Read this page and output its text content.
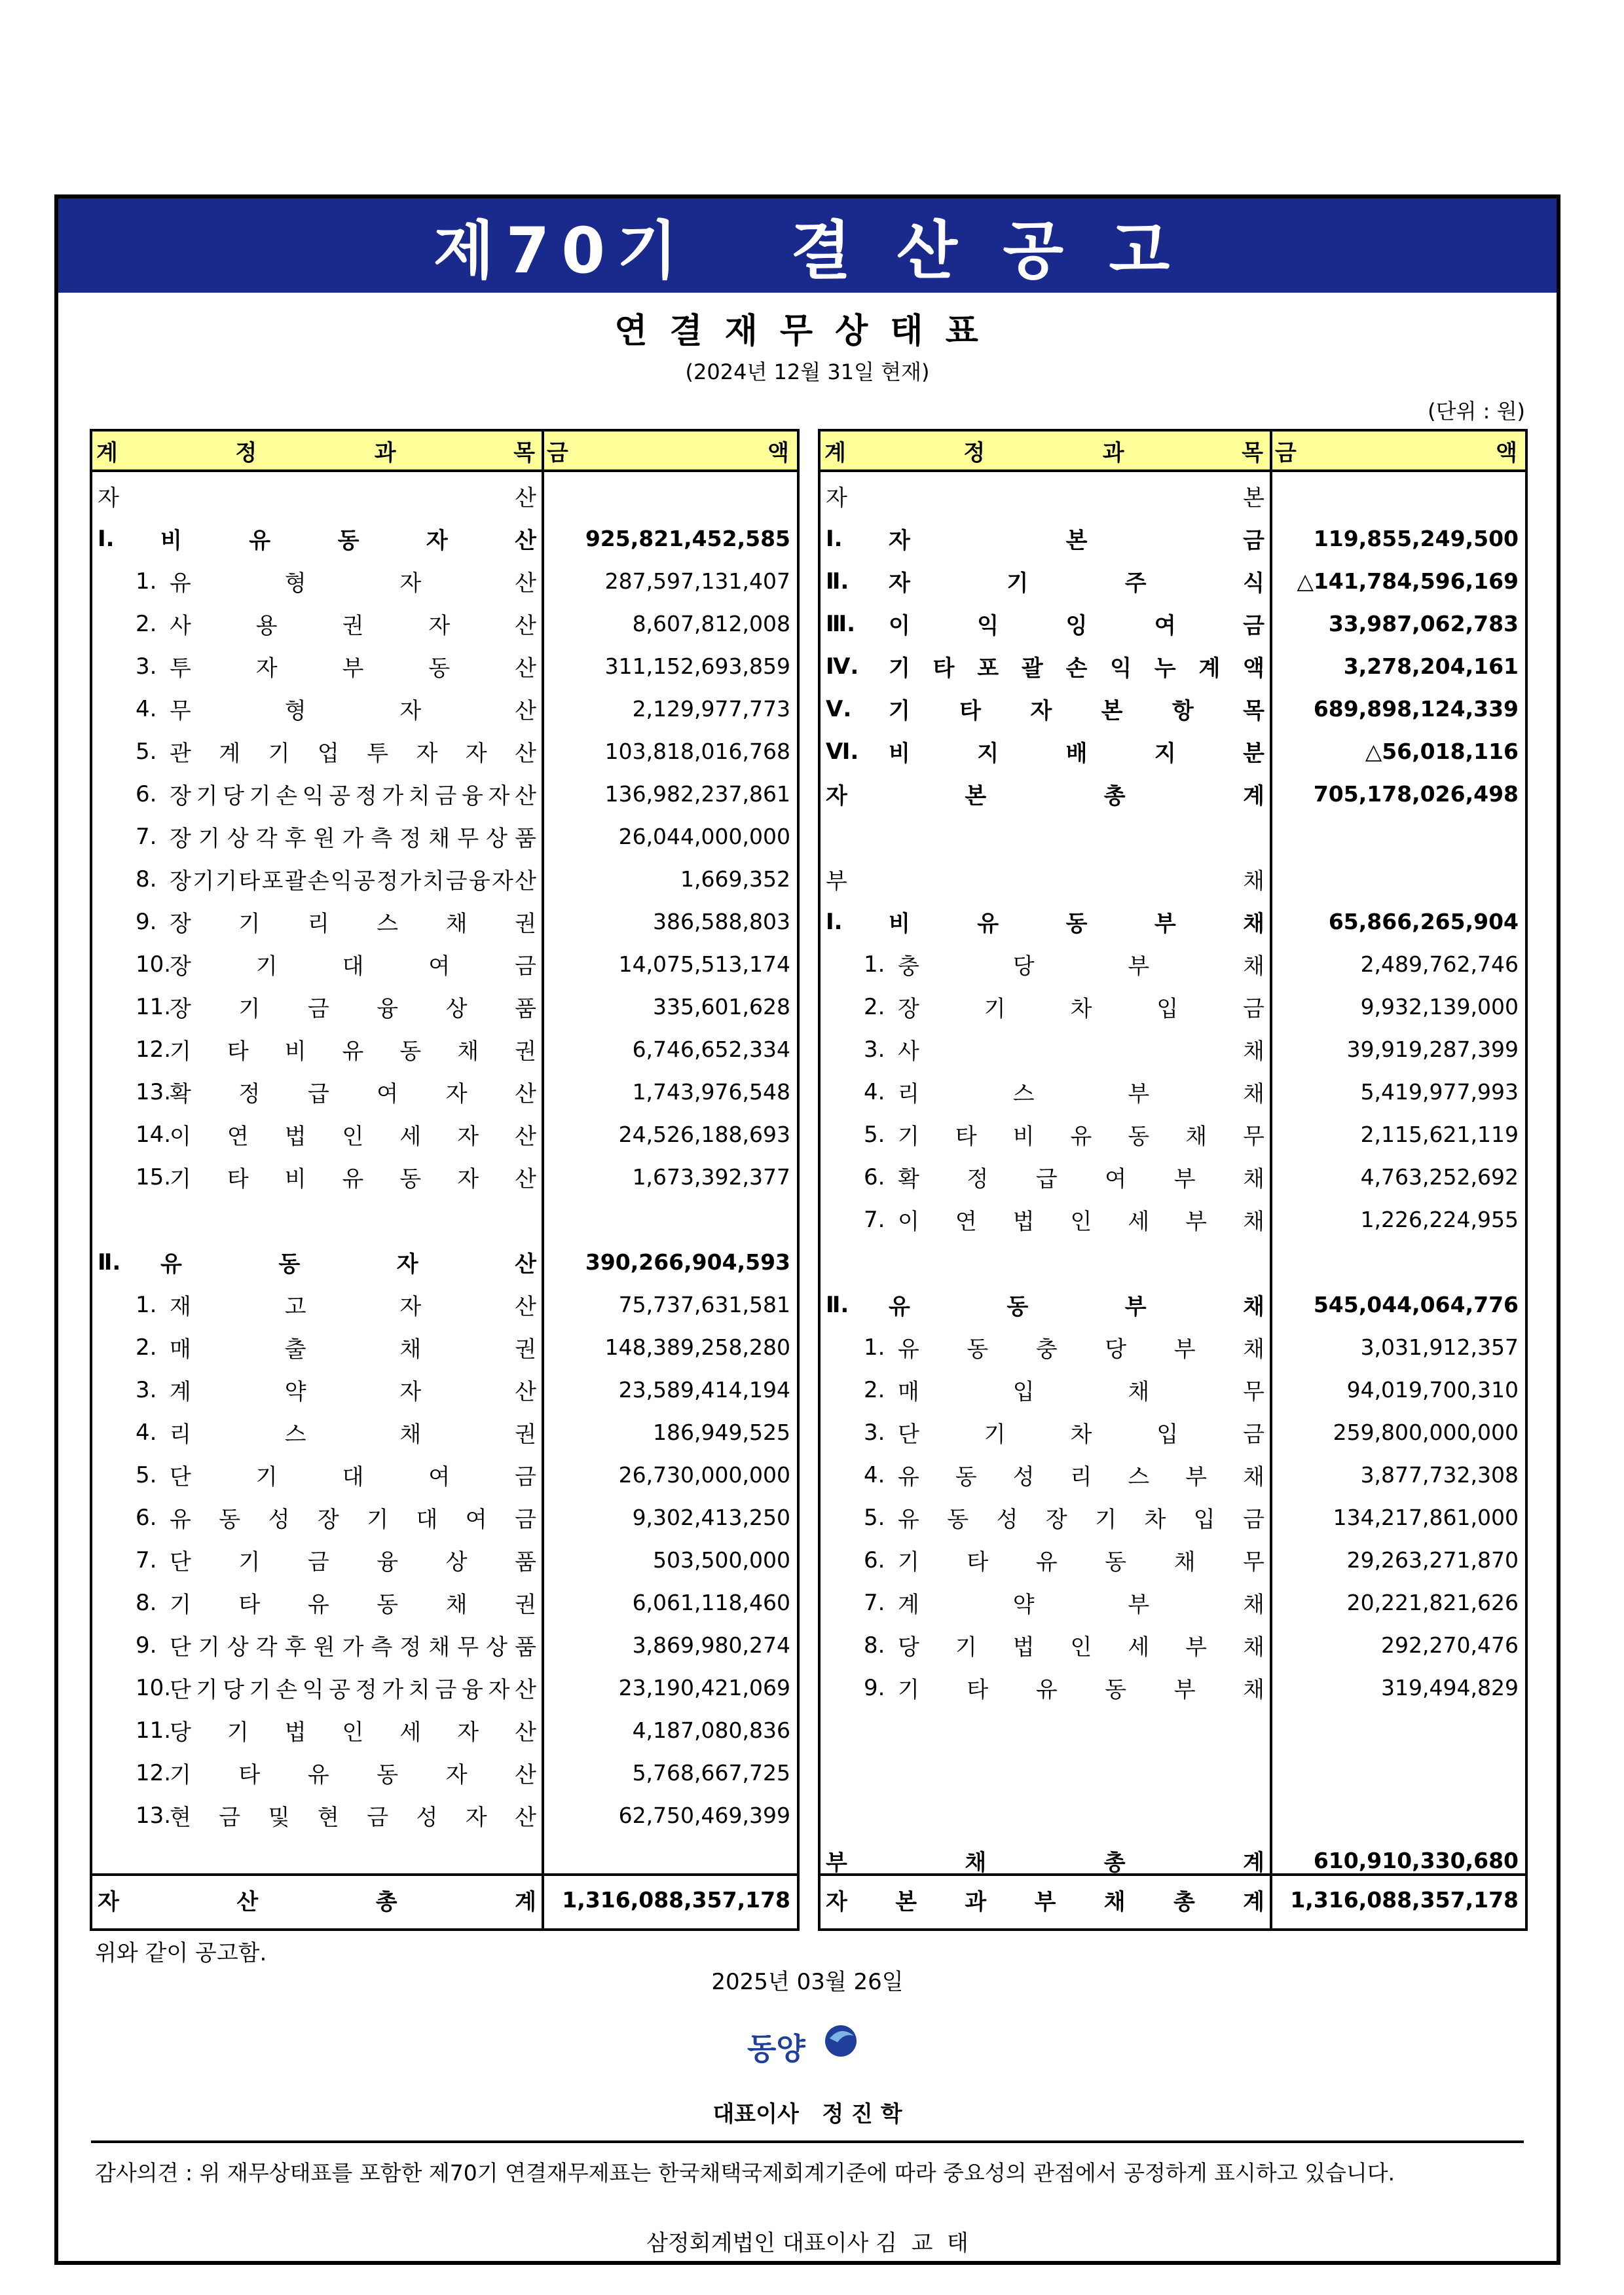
제70기
결 산 공 고
연결재무상태표
(2024년 12월 31일 현재)
(단위 : 원)
계	정	과	목 금	액
자	산
Ⅰ.	비	유	동	자	산	925,821,452,585
1. 유	형	자	산	287,597,131,407
2. 사	용	권	자	산	8,607,812,008
3. 투	자	부	동	산	311,152,693,859
4. 무	형	자	산	2,129,977,773
5. 관 계 기 업 투 자 자 산	103,818,016,768
6. 장 기 당 기 손 익 공 정 가 치 금 융 자 산	136,982,237,861
7. 장 기 상 각 후 원 가 측 정 채 무 상 품	26,044,000,000
8. 장 기 기 타 포 괄 손 익 공 정 가 치 금 융 자 산	1,669,352
9. 장 기 리 스 채 권	386,588,803
10.
장	기	대	여	금	14,075,513,174
11.
장 기 금 융 상 품	335,601,628
12.
기 타 비 유 동 채 권	6,746,652,334
13.
확 정 급 여 자 산	1,743,976,548
14.
이 연 법 인 세 자 산	24,526,188,693
15.
기 타 비 유 동 자 산	1,673,392,377
Ⅱ.	유	동	자	산	390,266,904,593
1. 재	고	자	산	75,737,631,581
2. 매	출	채	권	148,389,258,280
3. 계	약	자	산	23,589,414,194
4. 리	스	채	권	186,949,525
5. 단	기	대	여	금	26,730,000,000
6. 유 동 성 장 기 대 여 금	9,302,413,250
7. 단 기 금 융 상 품	503,500,000
8. 기 타 유 동 채 권	6,061,118,460
9. 단 기 상 각 후 원 가 측 정 채 무 상 품	3,869,980,274
10.
단 기 당 기 손 익 공 정 가 치 금 융 자 산	23,190,421,069
11.
당 기 법 인 세 자 산	4,187,080,836
12.
기 타 유 동 자 산	5,768,667,725
13.
현 금 및 현 금 성 자 산	62,750,469,399
자	산	총	계	1,316,088,357,178
계	정	과	목 금	액
자	본
Ⅰ.	자	본	금	119,855,249,500
Ⅱ.	자	기	주	식	△141,784,596,169
Ⅲ.	이	익	잉	여	금	33,987,062,783
Ⅳ.	기 타 포 괄 손 익 누 계 액	3,278,204,161
Ⅴ.	기 타 자 본 항 목	689,898,124,339
Ⅵ.	비	지	배	지	분	△56,018,116
자	본	총	계	705,178,026,498
부	채
Ⅰ.	비	유	동	부	채	65,866,265,904
1. 충	당	부	채	2,489,762,746
2. 장	기	차	입	금	9,932,139,000
3. 사	채	39,919,287,399
4. 리	스	부	채	5,419,977,993
5. 기 타 비 유 동 채 무	2,115,621,119
6. 확 정 급 여 부 채	4,763,252,692
7. 이 연 법 인 세 부 채	1,226,224,955
Ⅱ.	유	동	부	채	545,044,064,776
1. 유 동 충 당 부 채	3,031,912,357
2. 매	입	채	무	94,019,700,310
3. 단	기	차	입	금	259,800,000,000
4. 유 동 성 리 스 부 채	3,877,732,308
5. 유 동 성 장 기 차 입 금	134,217,861,000
6. 기 타 유 동 채 무	29,263,271,870
7. 계	약	부	채	20,221,821,626
8. 당 기 법 인 세 부 채	292,270,476
9. 기 타 유 동 부 채	319,494,829
부	채	총	계	610,910,330,680
자 본 과 부 채 총 계	1,316,088,357,178
위와 같이 공고함.
2025년 03월 26일
동양
대표이사   정 진 학
감사의견 : 위 재무상태표를 포함한 제70기 연결재무제표는 한국채택국제회계기준에 따라 중요성의 관점에서 공정하게 표시하고 있습니다.
삼정회계법인 대표이사 김  교  태
